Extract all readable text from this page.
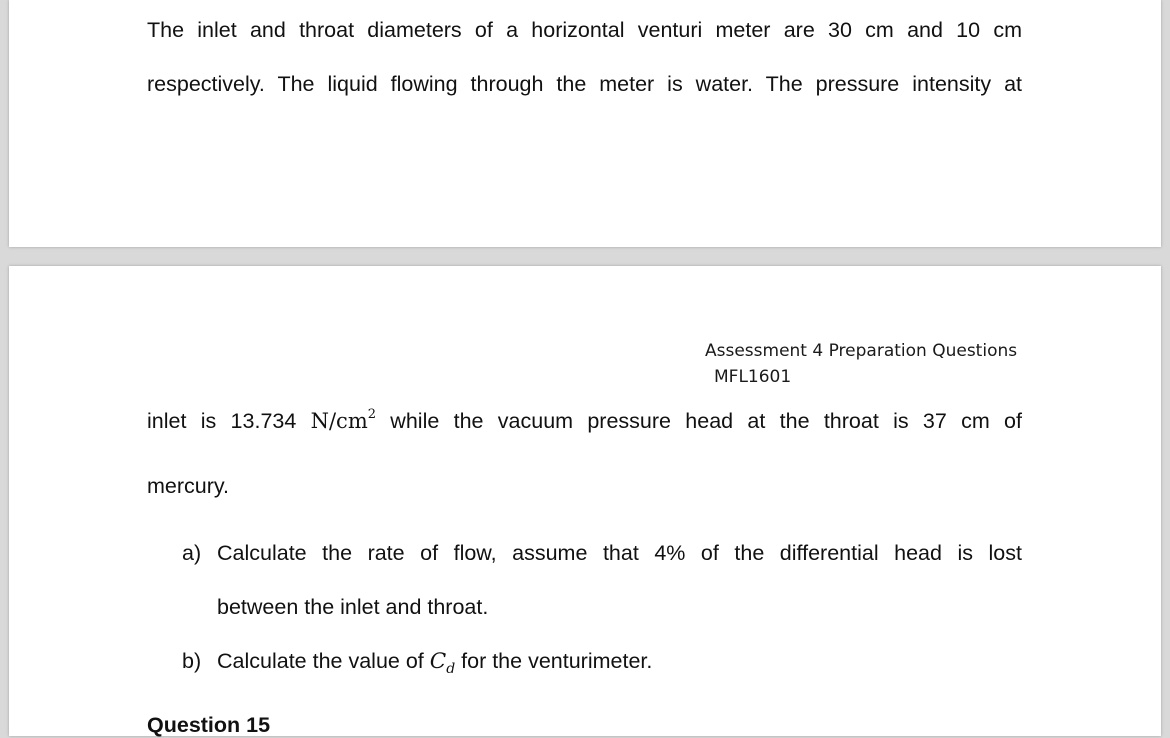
The inlet and throat diameters of a horizontal venturi meter are 30 cm and 10 cm
respectively. The liquid flowing through the meter is water. The pressure intensity at
Assessment 4 Preparation Questions
MFL1601
inlet is 13.734 $N/cm^2$ while the vacuum pressure head at the throat is 37 cm of
mercury.
a) Calculate the rate of flow, assume that 4% of the differential head is lost
between the inlet and throat.
b) Calculate the value of $C_d$ for the venturimeter.
Question 15
